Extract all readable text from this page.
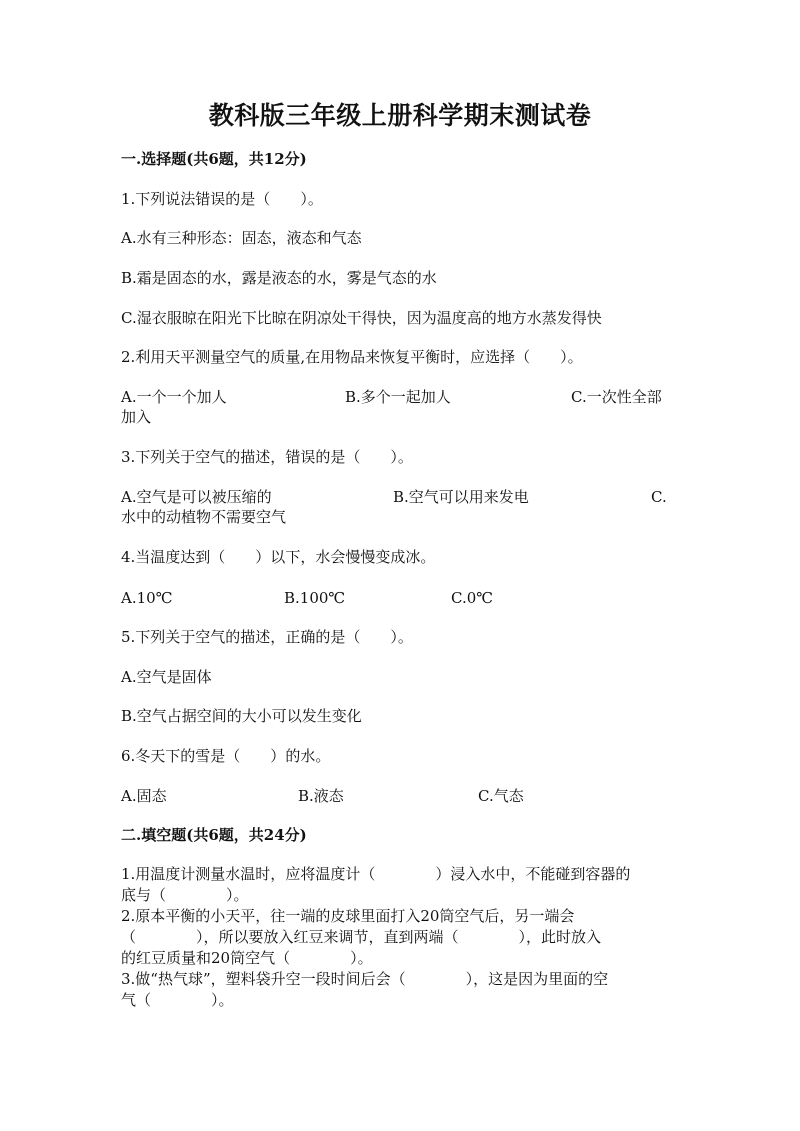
教科版三年级上册科学期末测试卷
一.选择题(共6题，共12分)
1.下列说法错误的是（　　）。
A.水有三种形态：固态，液态和气态
B.霜是固态的水，露是液态的水，雾是气态的水
C.湿衣服晾在阳光下比晾在阴凉处干得快，因为温度高的地方水蒸发得快
2.利用天平测量空气的质量,在用物品来恢复平衡时，应选择（　　）。
A.一个一个加人	B.多个一起加人	C.一次性全部
加入
3.下列关于空气的描述，错误的是（　　）。
A.空气是可以被压缩的	B.空气可以用来发电	C.
水中的动植物不需要空气
4.当温度达到（　　）以下，水会慢慢变成冰。
A.10℃	B.100℃	C.0℃
5.下列关于空气的描述，正确的是（　　）。
A.空气是固体
B.空气占据空间的大小可以发生变化
6.冬天下的雪是（　　）的水。
A.固态	B.液态	C.气态
二.填空题(共6题，共24分)
1.用温度计测量水温时，应将温度计（　　　　）浸入水中，不能碰到容器的
底与（　　　　）。
2.原本平衡的小天平，往一端的皮球里面打入20筒空气后，另一端会
（　　　　），所以要放入红豆来调节，直到两端（　　　　），此时放入
的红豆质量和20筒空气（　　　　）。
3.做“热气球”，塑料袋升空一段时间后会（　　　　），这是因为里面的空
气（　　　　）。
